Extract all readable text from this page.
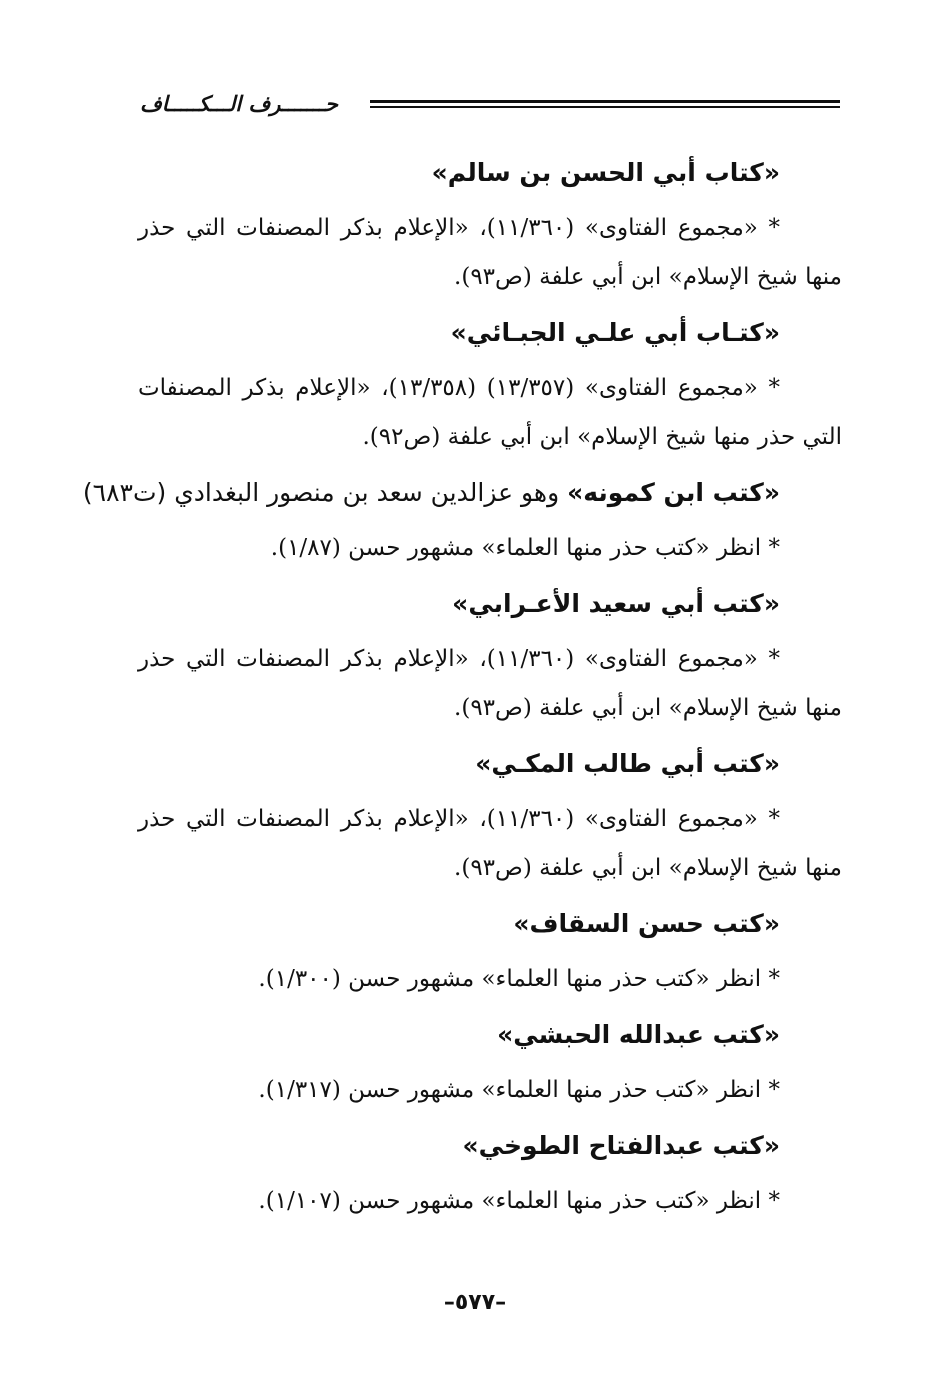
حـــــــرف الـــكـــــاف

«كتاب أبي الحسن بن سالم»

* «مجموع الفتاوى» (١١/٣٦٠)، «الإعلام بذكر المصنفات التي حذر منها شيخ الإسلام» ابن أبي علفة (ص٩٣).

«كتـاب أبي علـي الجبـائي»

* «مجموع الفتاوى» (١٣/٣٥٧) (١٣/٣٥٨)، «الإعلام بذكر المصنفات التي حذر منها شيخ الإسلام» ابن أبي علفة (ص٩٢).

«كتب ابن كمونه» وهو عزالدين سعد بن منصور البغدادي (ت٦٨٣)

* انظر «كتب حذر منها العلماء» مشهور حسن (١/٨٧).

«كتب أبي سعيد الأعـرابي»

* «مجموع الفتاوى» (١١/٣٦٠)، «الإعلام بذكر المصنفات التي حذر منها شيخ الإسلام» ابن أبي علفة (ص٩٣).

«كتب أبي طالب المكـي»

* «مجموع الفتاوى» (١١/٣٦٠)، «الإعلام بذكر المصنفات التي حذر منها شيخ الإسلام» ابن أبي علفة (ص٩٣).

«كتب حسن السقاف»

* انظر «كتب حذر منها العلماء» مشهور حسن (١/٣٠٠).

«كتب عبدالله الحبشي»

* انظر «كتب حذر منها العلماء» مشهور حسن (١/٣١٧).

«كتب عبدالفتاح الطوخي»

* انظر «كتب حذر منها العلماء» مشهور حسن (١/١٠٧).

–٥٧٧–
